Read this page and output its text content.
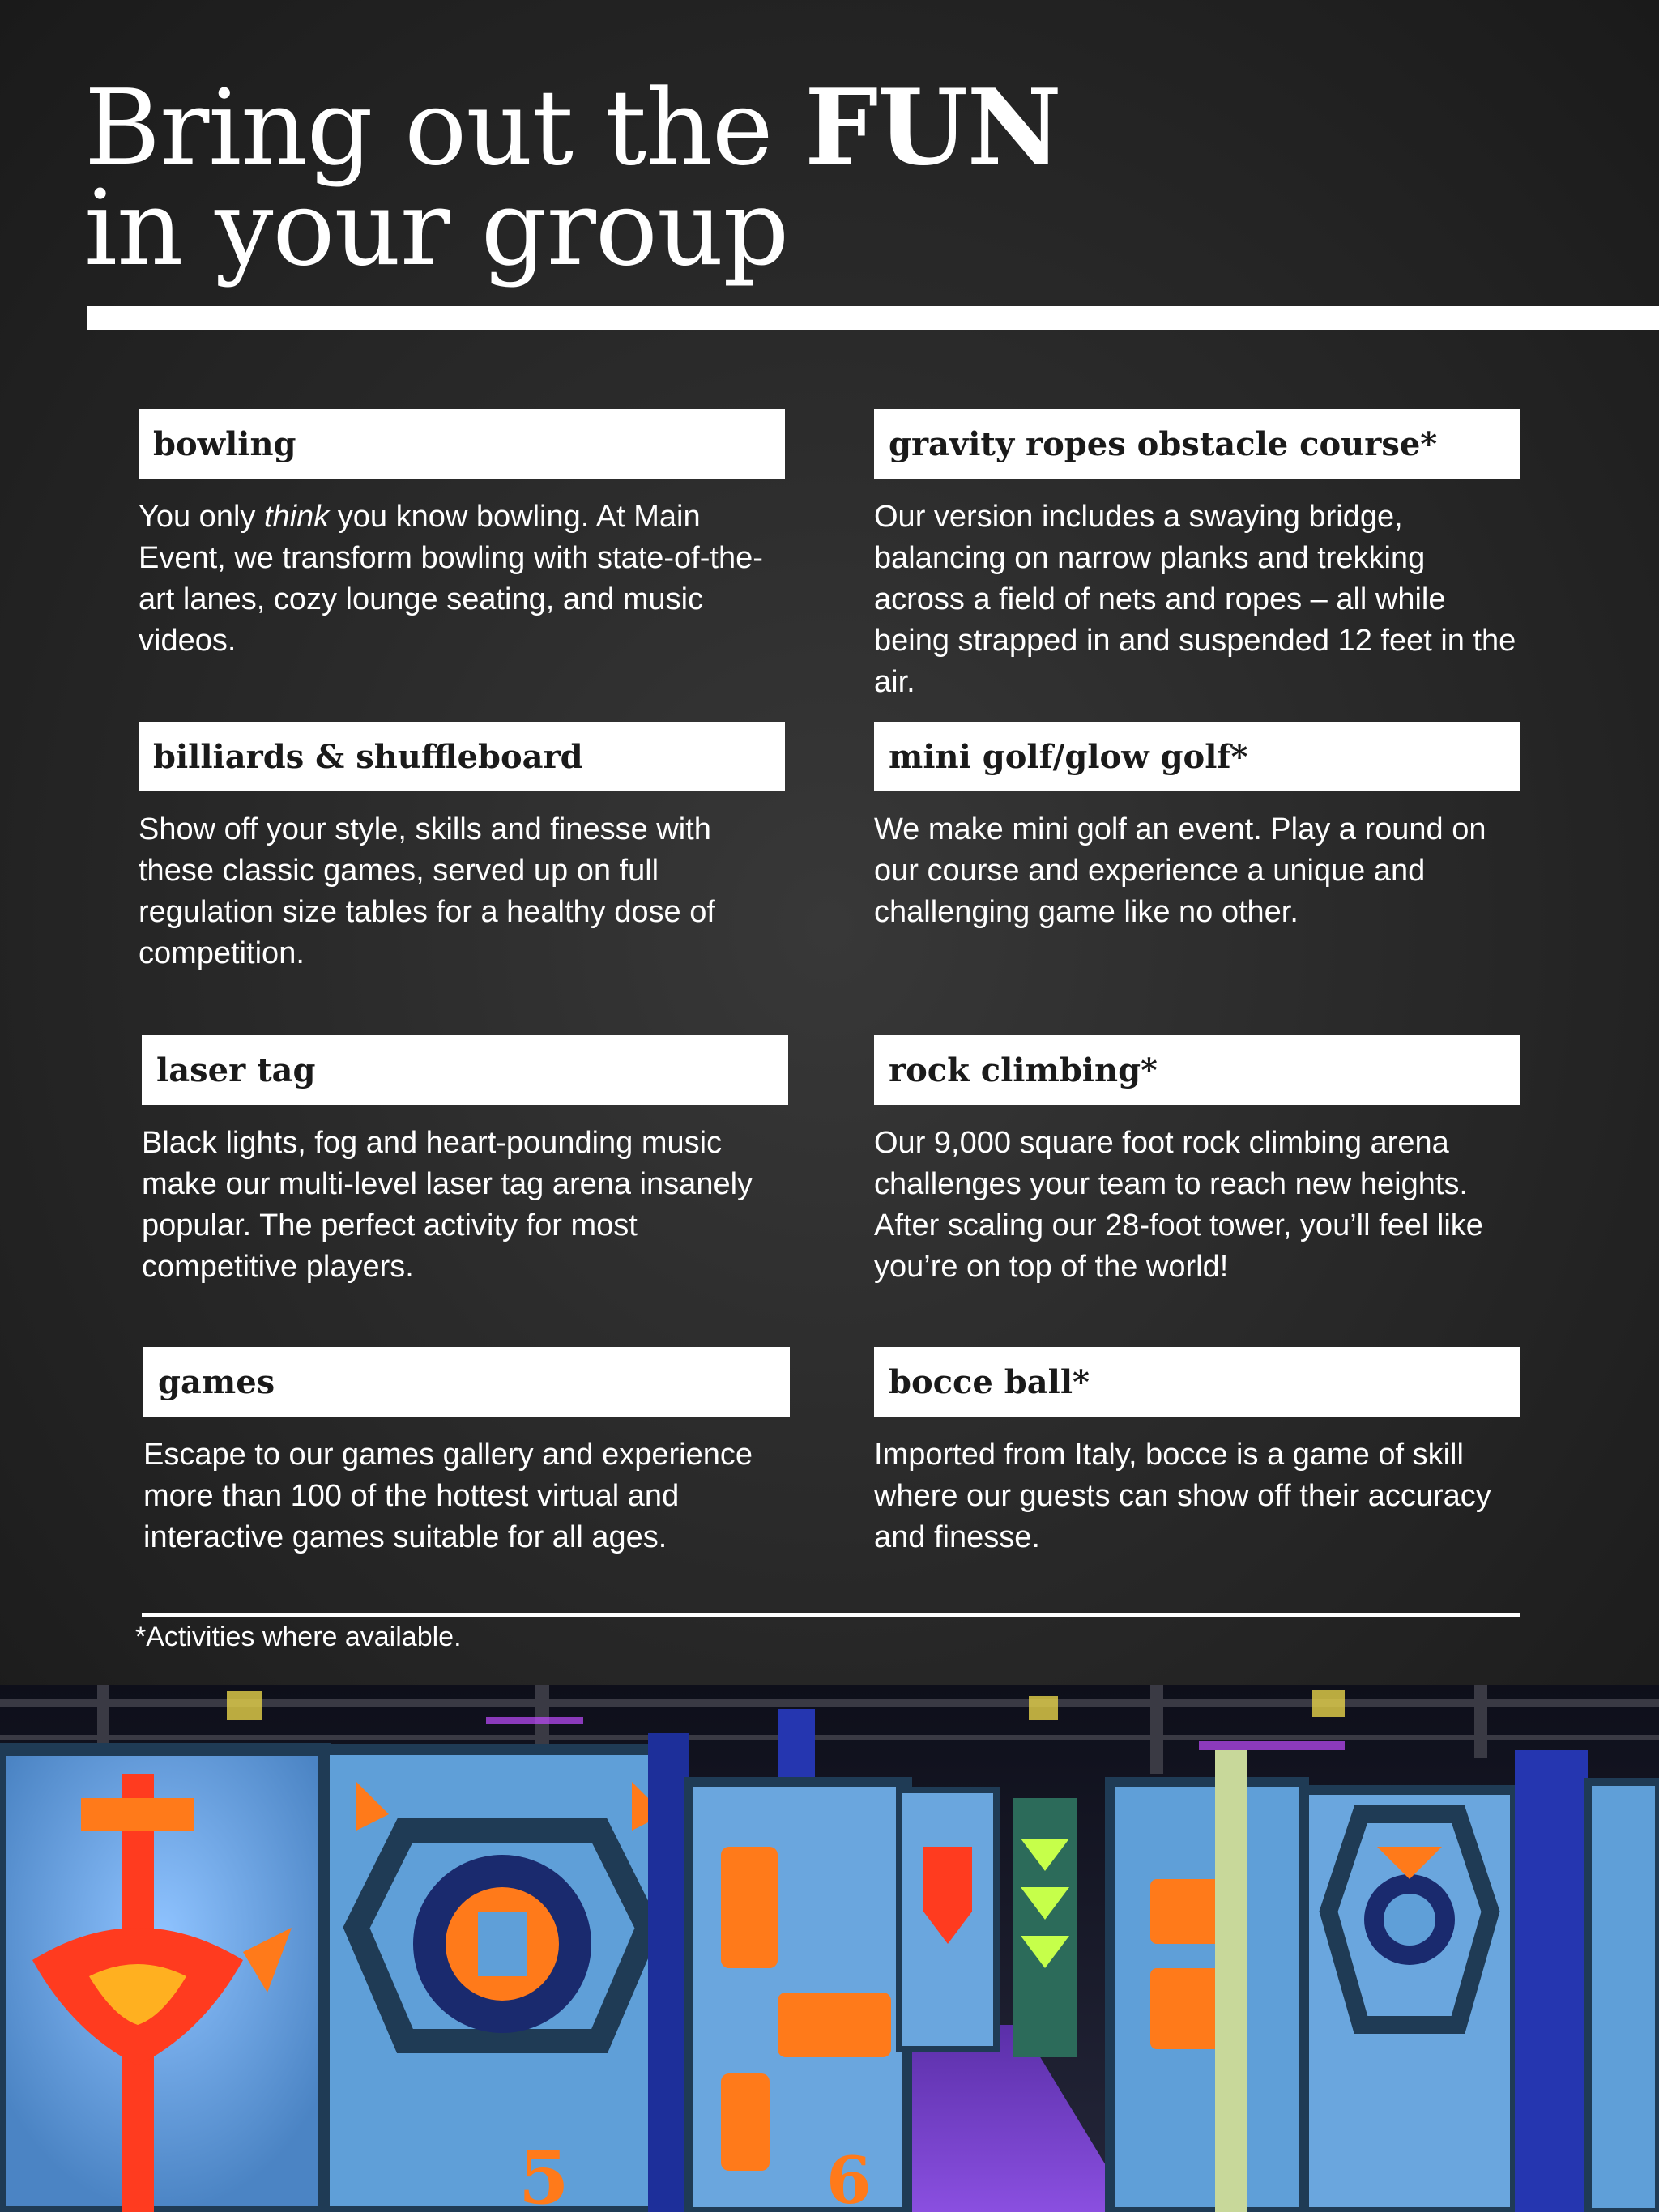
Bring out the FUN
in your group
bowling

You only think you know bowling. At Main Event, we transform bowling with state-of-the-art lanes, cozy lounge seating, and music videos.

billiards & shuffleboard

Show off your style, skills and finesse with these classic games, served up on full regulation size tables for a healthy dose of competition.

laser tag

Black lights, fog and heart-pounding music make our multi-level laser tag arena insanely popular. The perfect activity for most competitive players.

games

Escape to our games gallery and experience more than 100 of the hottest virtual and interactive games suitable for all ages.

gravity ropes obstacle course*

Our version includes a swaying bridge, balancing on narrow planks and trekking across a field of nets and ropes – all while being strapped in and suspended 12 feet in the air.

mini golf/glow golf*

We make mini golf an event. Play a round on our course and experience a unique and challenging game like no other.

rock climbing*

Our 9,000 square foot rock climbing arena challenges your team to reach new heights. After scaling our 28-foot tower, you’ll feel like you’re on top of the world!

bocce ball*

Imported from Italy, bocce is a game of skill where our guests can show off their accuracy and finesse.

*Activities where available.
5	6
